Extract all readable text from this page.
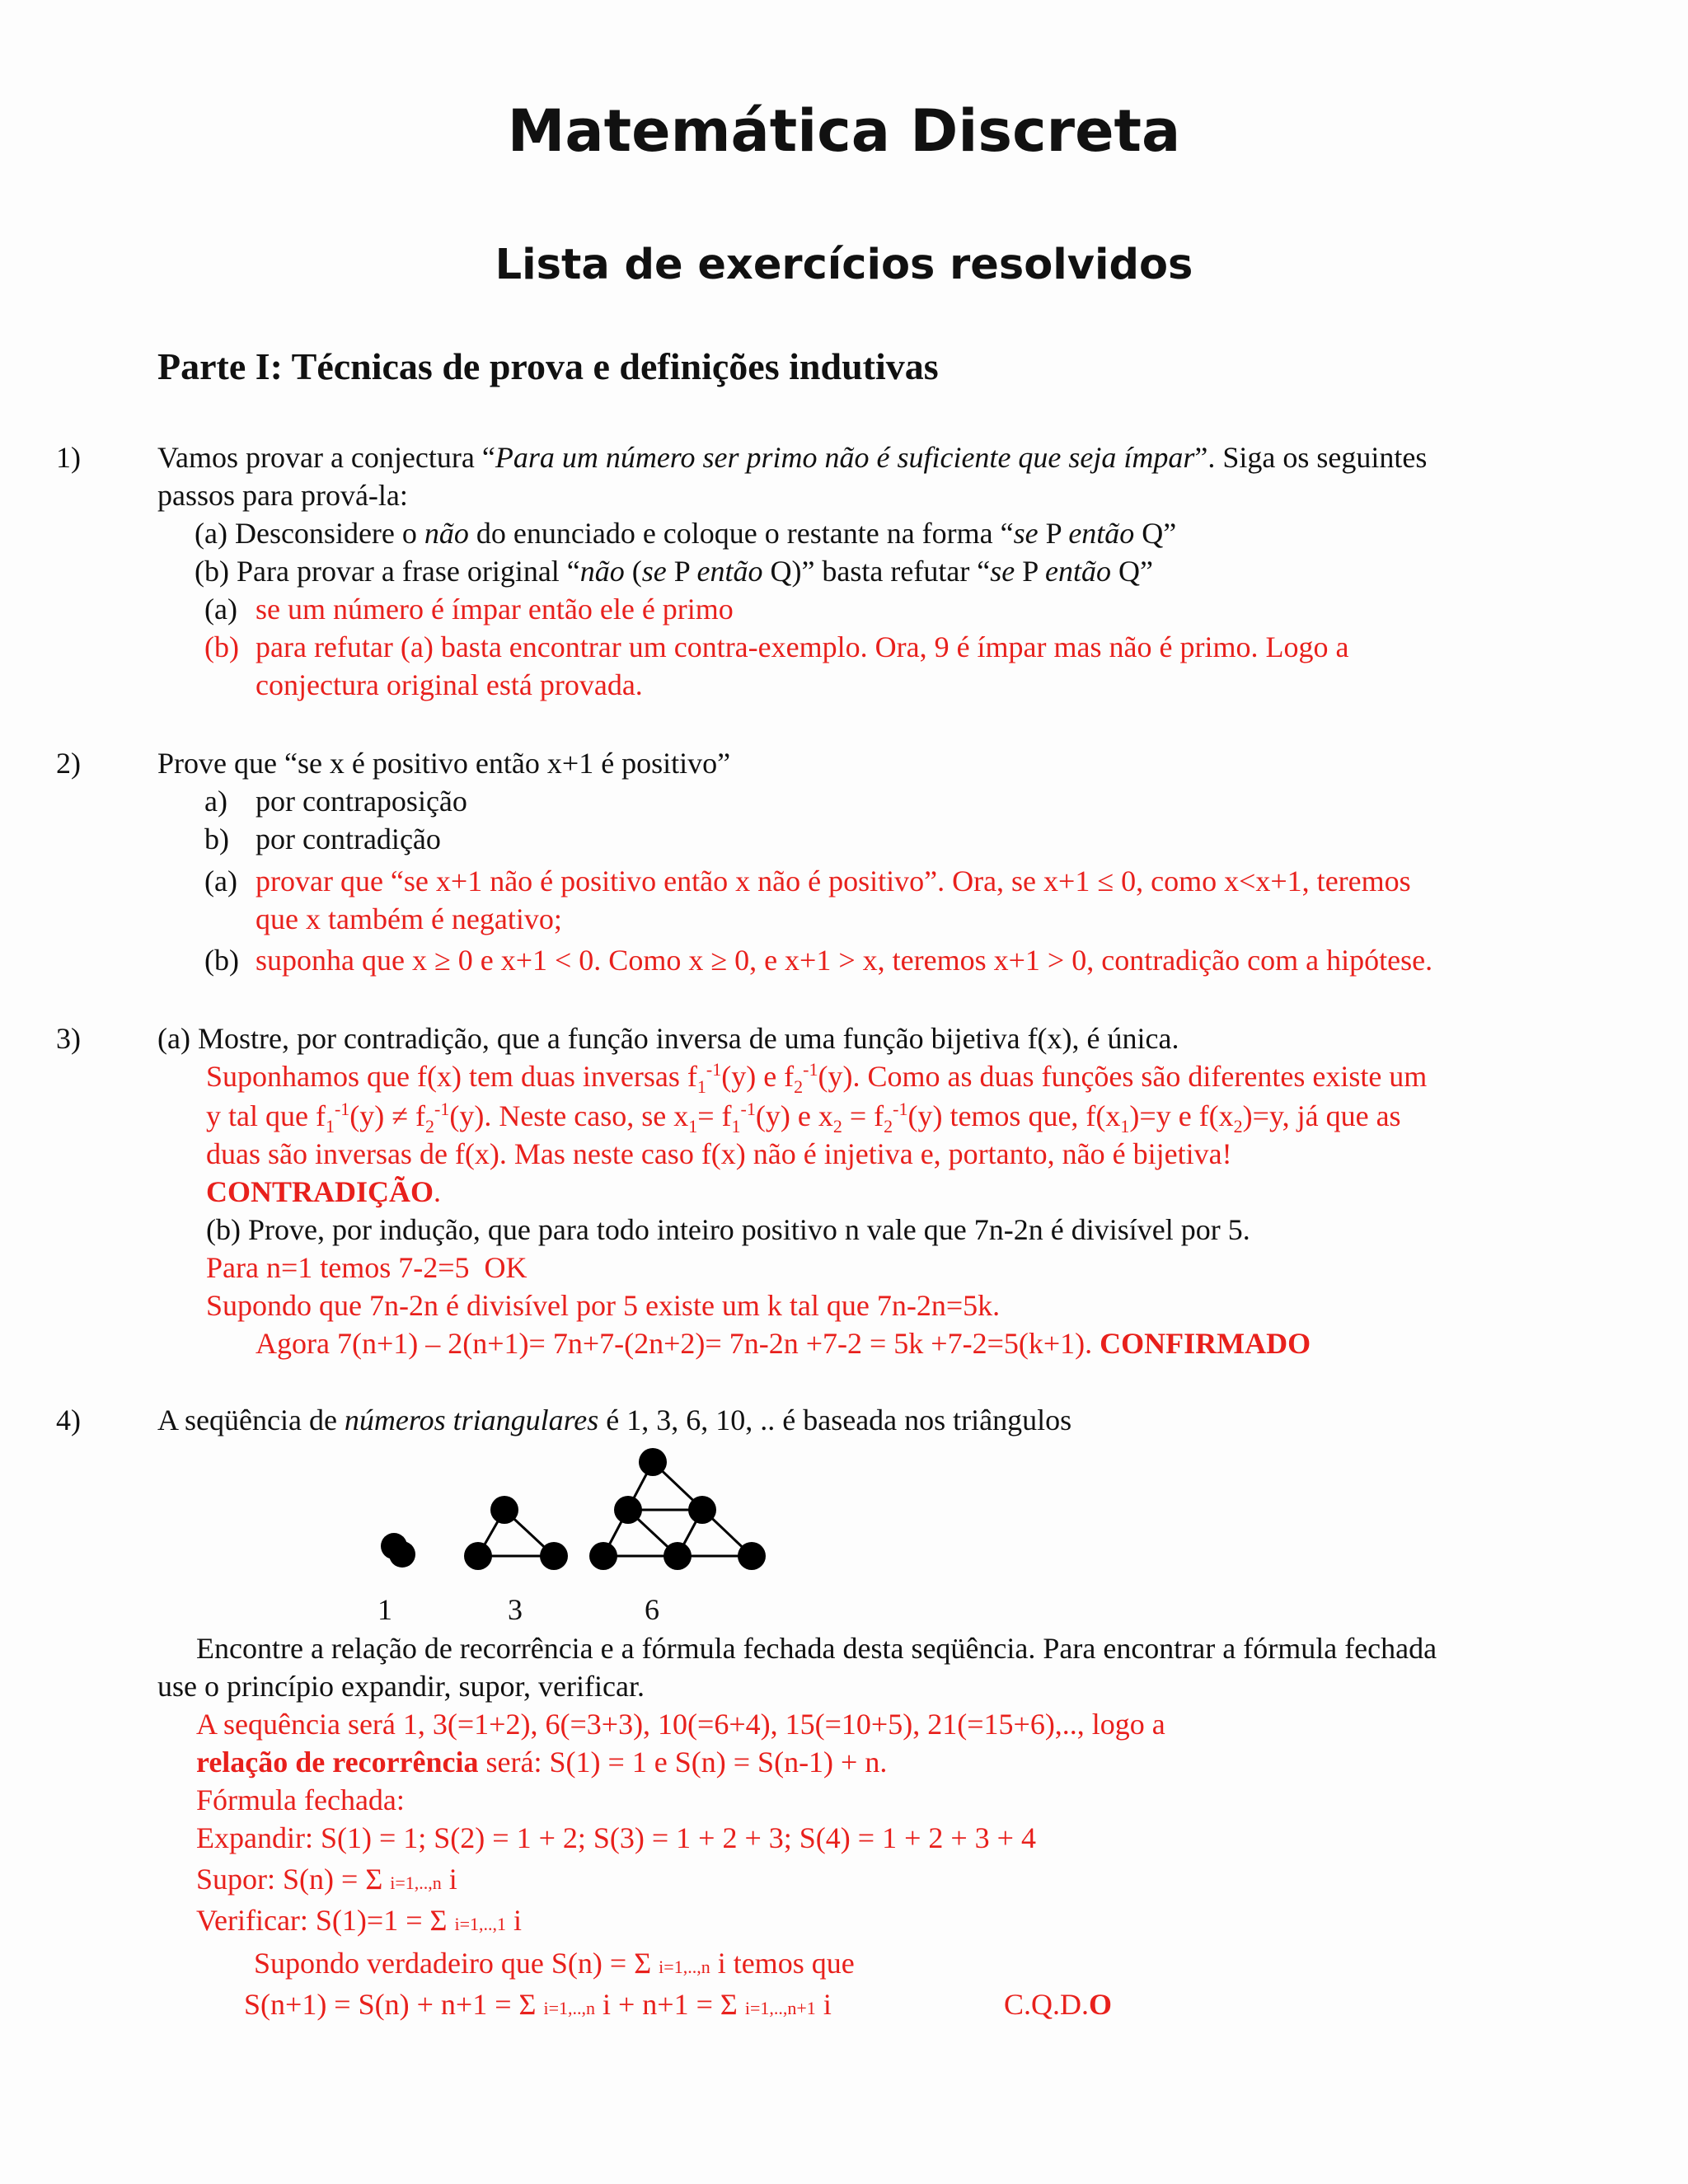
Matemática Discreta
Lista de exercícios resolvidos
Parte I: Técnicas de prova e definições indutivas
1)	Vamos provar a conjectura “Para um número ser primo não é suficiente que seja ímpar”. Siga os seguintes
passos para prová-la:
(a) Desconsidere o não do enunciado e coloque o restante na forma “se P então Q”
(b) Para provar a frase original “não (se P então Q)” basta refutar “se P então Q”
(a) se um número é ímpar então ele é primo
(b) para refutar (a) basta encontrar um contra-exemplo. Ora, 9 é ímpar mas não é primo. Logo a
conjectura original está provada.
2)	Prove que “se x é positivo então x+1 é positivo”
a) por contraposição
b) por contradição
(a) provar que “se x+1 não é positivo então x não é positivo”. Ora, se x+1 ≤ 0, como x<x+1, teremos
que x também é negativo;
(b) suponha que x ≥ 0 e x+1 < 0. Como x ≥ 0, e x+1 > x, teremos x+1 > 0, contradição com a hipótese.
3)	(a) Mostre, por contradição, que a função inversa de uma função bijetiva f(x), é única.
Suponhamos que f(x) tem duas inversas $f_1^{-1}(y)$ e $f_2^{-1}(y)$. Como as duas funções são diferentes existe um
y tal que $f_1^{-1}(y) \ne f_2^{-1}(y)$. Neste caso, se $x_1= f_1^{-1}(y)$ e $x_2 = f_2^{-1}(y)$ temos que, $f(x_1)=y$ e $f(x_2)=y$, já que as
duas são inversas de f(x). Mas neste caso f(x) não é injetiva e, portanto, não é bijetiva!
CONTRADIÇÃO.
(b) Prove, por indução, que para todo inteiro positivo n vale que 7n-2n é divisível por 5.
Para n=1 temos 7-2=5  OK
Supondo que 7n-2n é divisível por 5 existe um k tal que 7n-2n=5k.
Agora 7(n+1) – 2(n+1)= 7n+7-(2n+2)= 7n-2n +7-2 = 5k +7-2=5(k+1). CONFIRMADO
4)	A seqüência de números triangulares é 1, 3, 6, 10, .. é baseada nos triângulos
1	3	6
Encontre a relação de recorrência e a fórmula fechada desta seqüência. Para encontrar a fórmula fechada
use o princípio expandir, supor, verificar.
A sequência será 1, 3(=1+2), 6(=3+3), 10(=6+4), 15(=10+5), 21(=15+6),.., logo a
relação de recorrência será: S(1) = 1 e S(n) = S(n-1) + n.
Fórmula fechada:
Expandir: S(1) = 1; S(2) = 1 + 2; S(3) = 1 + 2 + 3; S(4) = 1 + 2 + 3 + 4
Supor: S(n) = Σ i=1,..,n i
Verificar: S(1)=1 = Σ i=1,..,1 i
Supondo verdadeiro que S(n) = Σ i=1,..,n i temos que
S(n+1) = S(n) + n+1 = Σ i=1,..,n i + n+1 = Σ i=1,..,n+1 i	C.Q.D.O
